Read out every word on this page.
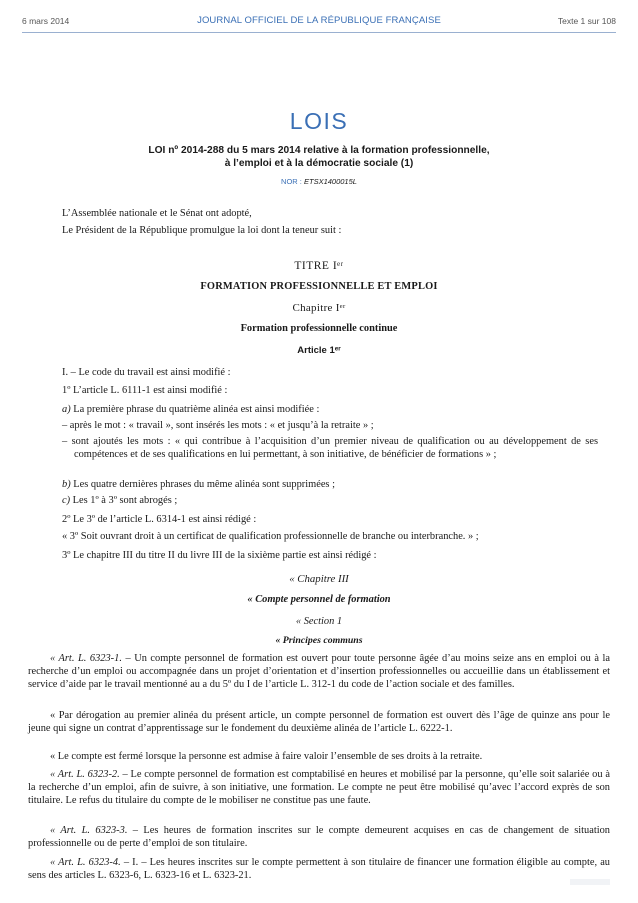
6 mars 2014	JOURNAL OFFICIEL DE LA RÉPUBLIQUE FRANÇAISE	Texte 1 sur 108
LOIS
LOI nº 2014-288 du 5 mars 2014 relative à la formation professionnelle,
à l’emploi et à la démocratie sociale (1)
NOR : ETSX1400015L
L’Assemblée nationale et le Sénat ont adopté,
Le Président de la République promulgue la loi dont la teneur suit :
TITRE Iᵉʳ
FORMATION PROFESSIONNELLE ET EMPLOI
Chapitre Iᵉʳ
Formation professionnelle continue
Article 1ᵉʳ
I. – Le code du travail est ainsi modifié :
1º L’article L. 6111-1 est ainsi modifié :
a) La première phrase du quatrième alinéa est ainsi modifiée :
– après le mot : « travail », sont insérés les mots : « et jusqu’à la retraite » ;
– sont ajoutés les mots : « qui contribue à l’acquisition d’un premier niveau de qualification ou au développement de ses compétences et de ses qualifications en lui permettant, à son initiative, de bénéficier de formations » ;
b) Les quatre dernières phrases du même alinéa sont supprimées ;
c) Les 1º à 3º sont abrogés ;
2º Le 3º de l’article L. 6314-1 est ainsi rédigé :
« 3º Soit ouvrant droit à un certificat de qualification professionnelle de branche ou interbranche. » ;
3º Le chapitre III du titre II du livre III de la sixième partie est ainsi rédigé :
« Chapitre III
« Compte personnel de formation
« Section 1
« Principes communs
« Art. L. 6323-1. – Un compte personnel de formation est ouvert pour toute personne âgée d’au moins seize ans en emploi ou à la recherche d’un emploi ou accompagnée dans un projet d’orientation et d’insertion professionnelles ou accueillie dans un établissement et service d’aide par le travail mentionné au a du 5º du I de l’article L. 312-1 du code de l’action sociale et des familles.
« Par dérogation au premier alinéa du présent article, un compte personnel de formation est ouvert dès l’âge de quinze ans pour le jeune qui signe un contrat d’apprentissage sur le fondement du deuxième alinéa de l’article L. 6222-1.
« Le compte est fermé lorsque la personne est admise à faire valoir l’ensemble de ses droits à la retraite.
« Art. L. 6323-2. – Le compte personnel de formation est comptabilisé en heures et mobilisé par la personne, qu’elle soit salariée ou à la recherche d’un emploi, afin de suivre, à son initiative, une formation. Le compte ne peut être mobilisé qu’avec l’accord exprès de son titulaire. Le refus du titulaire du compte de le mobiliser ne constitue pas une faute.
« Art. L. 6323-3. – Les heures de formation inscrites sur le compte demeurent acquises en cas de changement de situation professionnelle ou de perte d’emploi de son titulaire.
« Art. L. 6323-4. – I. – Les heures inscrites sur le compte permettent à son titulaire de financer une formation éligible au compte, au sens des articles L. 6323-6, L. 6323-16 et L. 6323-21.
